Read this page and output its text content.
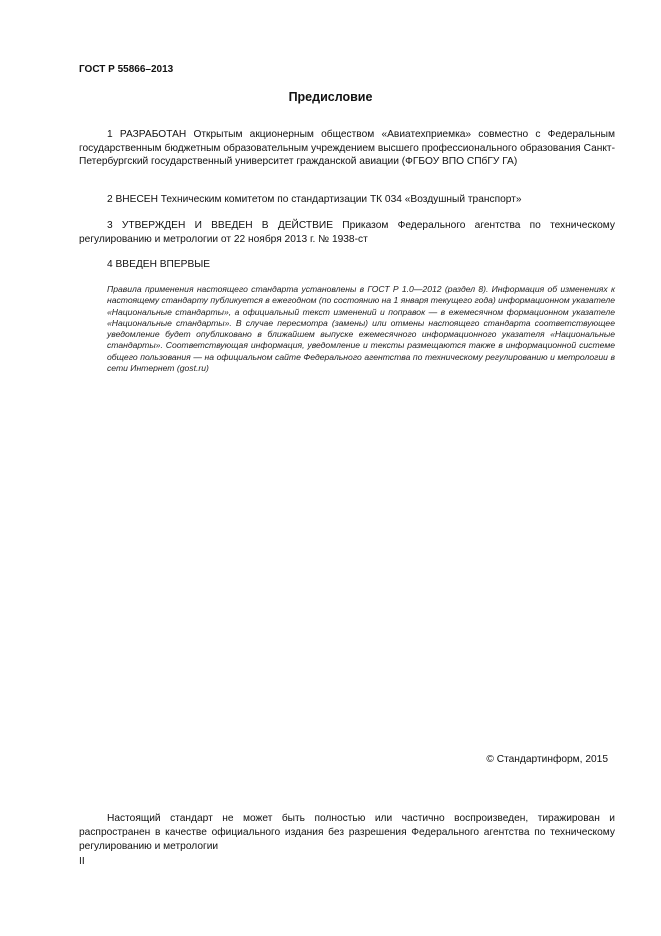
ГОСТ Р 55866–2013
Предисловие

1 РАЗРАБОТАН Открытым акционерным обществом «Авиатехприемка» совместно с Федеральным государственным бюджетным образовательным учреждением высшего профессионального образования Санкт-Петербургский государственный университет гражданской авиации (ФГБОУ ВПО СПбГУ ГА)

2 ВНЕСЕН Техническим комитетом по стандартизации ТК 034 «Воздушный транспорт»

3 УТВЕРЖДЕН И ВВЕДЕН В ДЕЙСТВИЕ Приказом Федерального агентства по техническому регулированию и метрологии от 22 ноября 2013 г. № 1938-ст

4 ВВЕДЕН ВПЕРВЫЕ

Правила применения настоящего стандарта установлены в ГОСТ Р 1.0—2012 (раздел 8). Информация об изменениях к настоящему стандарту публикуется в ежегодном (по состоянию на 1 января текущего года) информационном указателе «Национальные стандарты», а официальный текст изменений и поправок — в ежемесячном формационном указателе «Национальные стандарты». В случае пересмотра (замены) или отмены настоящего стандарта соответствующее уведомление будет опубликовано в ближайшем выпуске ежемесячного информационного указателя «Национальные стандарты». Соответствующая информация, уведомление и тексты размещаются также в информационной системе общего пользования — на официальном сайте Федерального агентства по техническому регулированию и метрологии в сети Интернет (gost.ru)
© Стандартинформ, 2015

Настоящий стандарт не может быть полностью или частично воспроизведен, тиражирован и распространен в качестве официального издания без разрешения Федерального агентства по техническому регулированию и метрологии

II
